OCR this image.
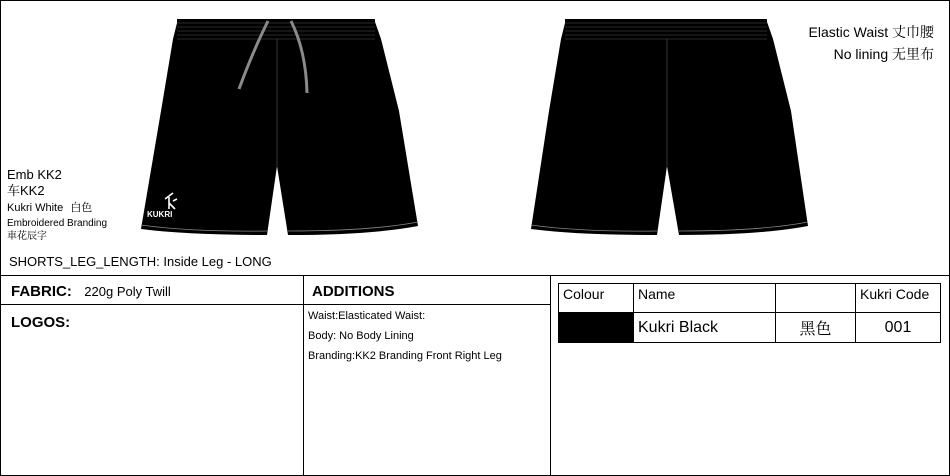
KUKRI
Elastic Waist 丈巾腰
No lining 无里布
Emb KK2
车KK2
Kukri White 白色
Embroidered Branding
車花辰字
SHORTS_LEG_LENGTH: Inside Leg - LONG
FABRIC: 220g Poly Twill
LOGOS:
ADDITIONS
Waist:Elasticated Waist:
Body: No Body Lining
Branding:KK2 Branding Front Right Leg
Colour	Name		Kukri Code
	Kukri Black	黑色	001
